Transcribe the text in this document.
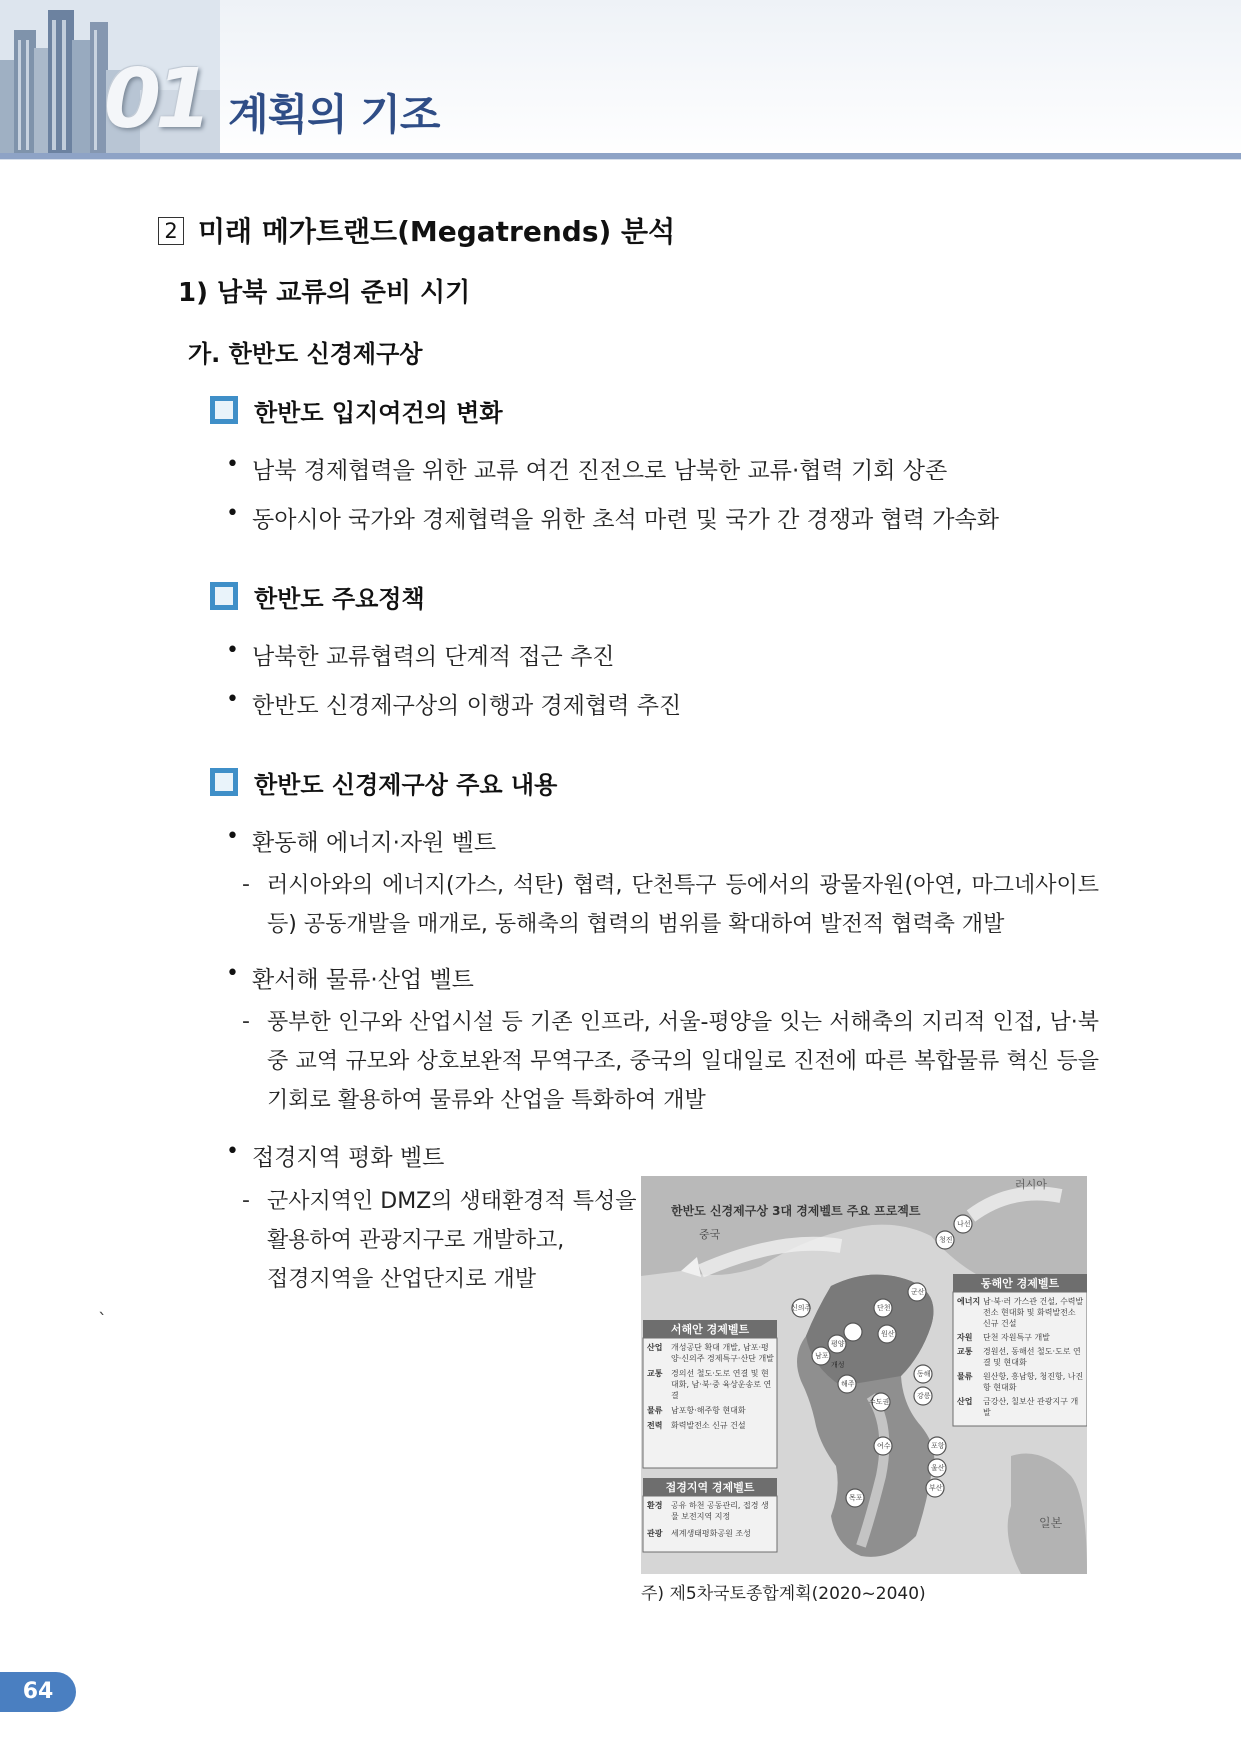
01 계획의 기조
2 미래 메가트랜드(Megatrends) 분석
1) 남북 교류의 준비 시기
가. 한반도 신경제구상
한반도 입지여건의 변화
• 남북 경제협력을 위한 교류 여건 진전으로 남북한 교류·협력 기회 상존
• 동아시아 국가와 경제협력을 위한 초석 마련 및 국가 간 경쟁과 협력 가속화
한반도 주요정책
• 남북한 교류협력의 단계적 접근 추진
• 한반도 신경제구상의 이행과 경제협력 추진
한반도 신경제구상 주요 내용
• 환동해 에너지·자원 벨트
- 러시아와의 에너지(가스, 석탄) 협력, 단천특구 등에서의 광물자원(아연, 마그네사이트 등) 공동개발을 매개로, 동해축의 협력의 범위를 확대하여 발전적 협력축 개발
• 환서해 물류·산업 벨트
- 풍부한 인구와 산업시설 등 기존 인프라, 서울-평양을 잇는 서해축의 지리적 인접, 남·북중 교역 규모와 상호보완적 무역구조, 중국의 일대일로 진전에 따른 복합물류 혁신 등을 기회로 활용하여 물류와 산업을 특화하여 개발
• 접경지역 평화 벨트
- 군사지역인 DMZ의 생태환경적 특성을
활용하여 관광지구로 개발하고,
접경지역을 산업단지로 개발
`
한반도 신경제구상 3대 경제벨트 주요 프로젝트
러시아
중국
일본
나선
청진
신의주	단천
원산
평양
남포
해주
개성
수도권
강릉
포항
울산
부산
여수
목포
군산
동해
동해안 경제벨트
에너지 남·북·러 가스관 건설, 수력발전소 현대화 및 화력발전소 신규 건설
자원	단천 자원특구 개발
교통	경원선, 동해선 철도·도로 연결 및 현대화
물류	원산항, 흥남항, 청진항, 나진항 현대화
산업	금강산, 칠보산 관광지구 개발
서해안 경제벨트
산업	개성공단 확대 개발, 남포·평양·신의주 경제특구·산단 개발
교통	경의선 철도·도로 연결 및 현대화, 남·북·중 육상운송로 연결
물류	남포항·해주항 현대화
전력	화력발전소 신규 건설
접경지역 경제벨트
환경	공유 하천 공동관리, 접경 생물 보전지역 지정
관광	세계생태평화공원 조성
주) 제5차국토종합계획(2020~2040)
64
